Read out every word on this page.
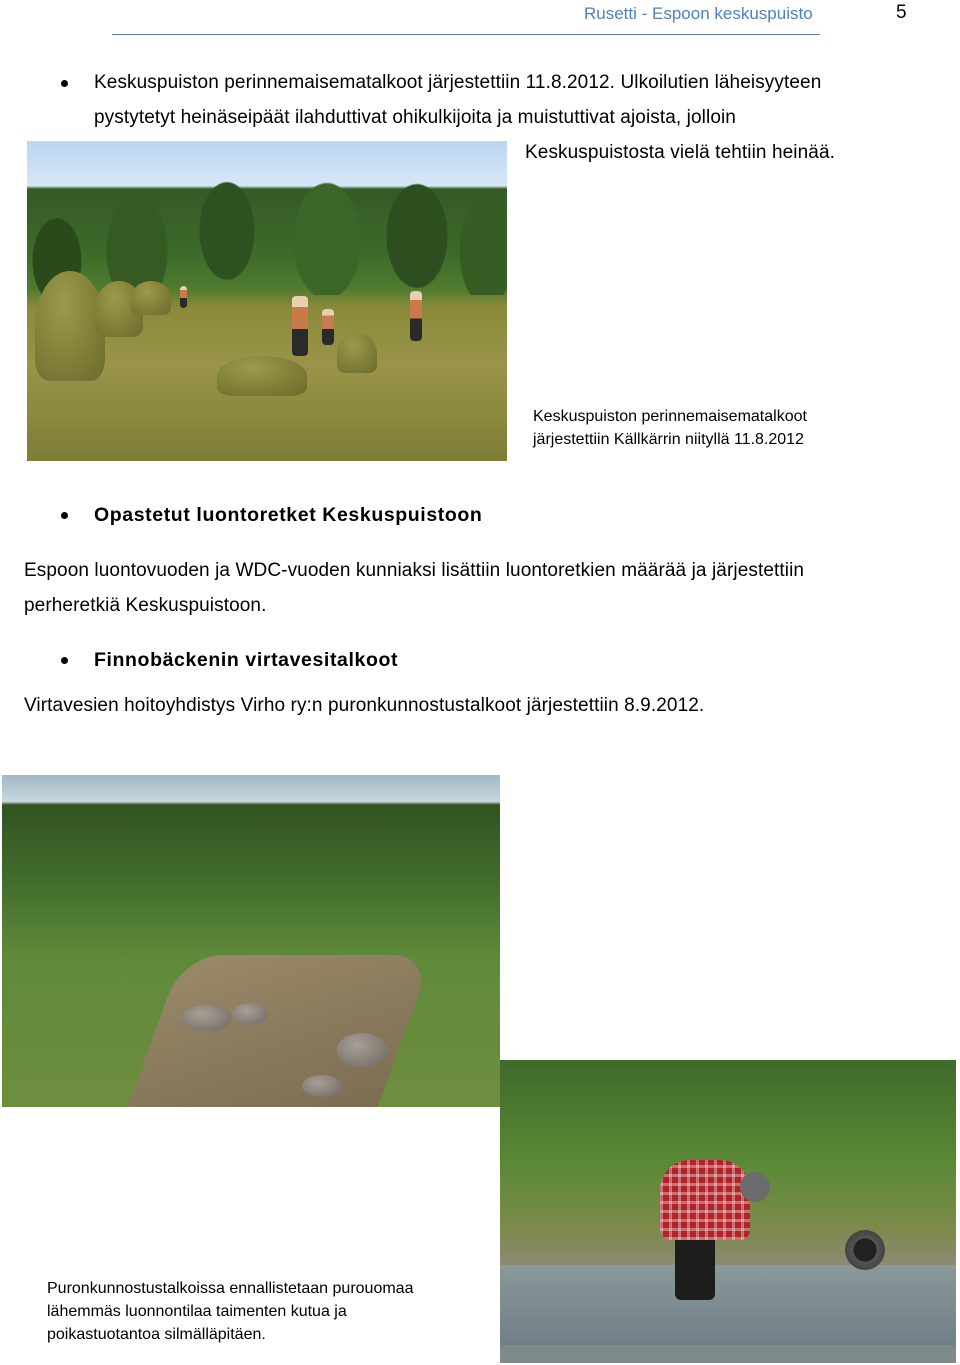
Rusetti - Espoon keskuspuisto	5
Keskuspuiston perinnemaisematalkoot järjestettiin 11.8.2012. Ulkoilutien läheisyyteen
pystytetyt heinäseipäät ilahduttivat ohikulkijoita ja muistuttivat ajoista, jolloin
Keskuspuistosta vielä tehtiin heinää.
Keskuspuiston perinnemaisematalkoot
järjestettiin Källkärrin niityllä 11.8.2012
Opastetut luontoretket Keskuspuistoon
Espoon luontovuoden ja WDC-vuoden kunniaksi lisättiin luontoretkien määrää ja järjestettiin
perheretkiä Keskuspuistoon.
Finnobäckenin virtavesitalkoot
Virtavesien hoitoyhdistys Virho ry:n puronkunnostustalkoot järjestettiin 8.9.2012.
Puronkunnostustalkoissa ennallistetaan purouomaa
lähemmäs luonnontilaa taimenten kutua ja
poikastuotantoa silmälläpitäen.
